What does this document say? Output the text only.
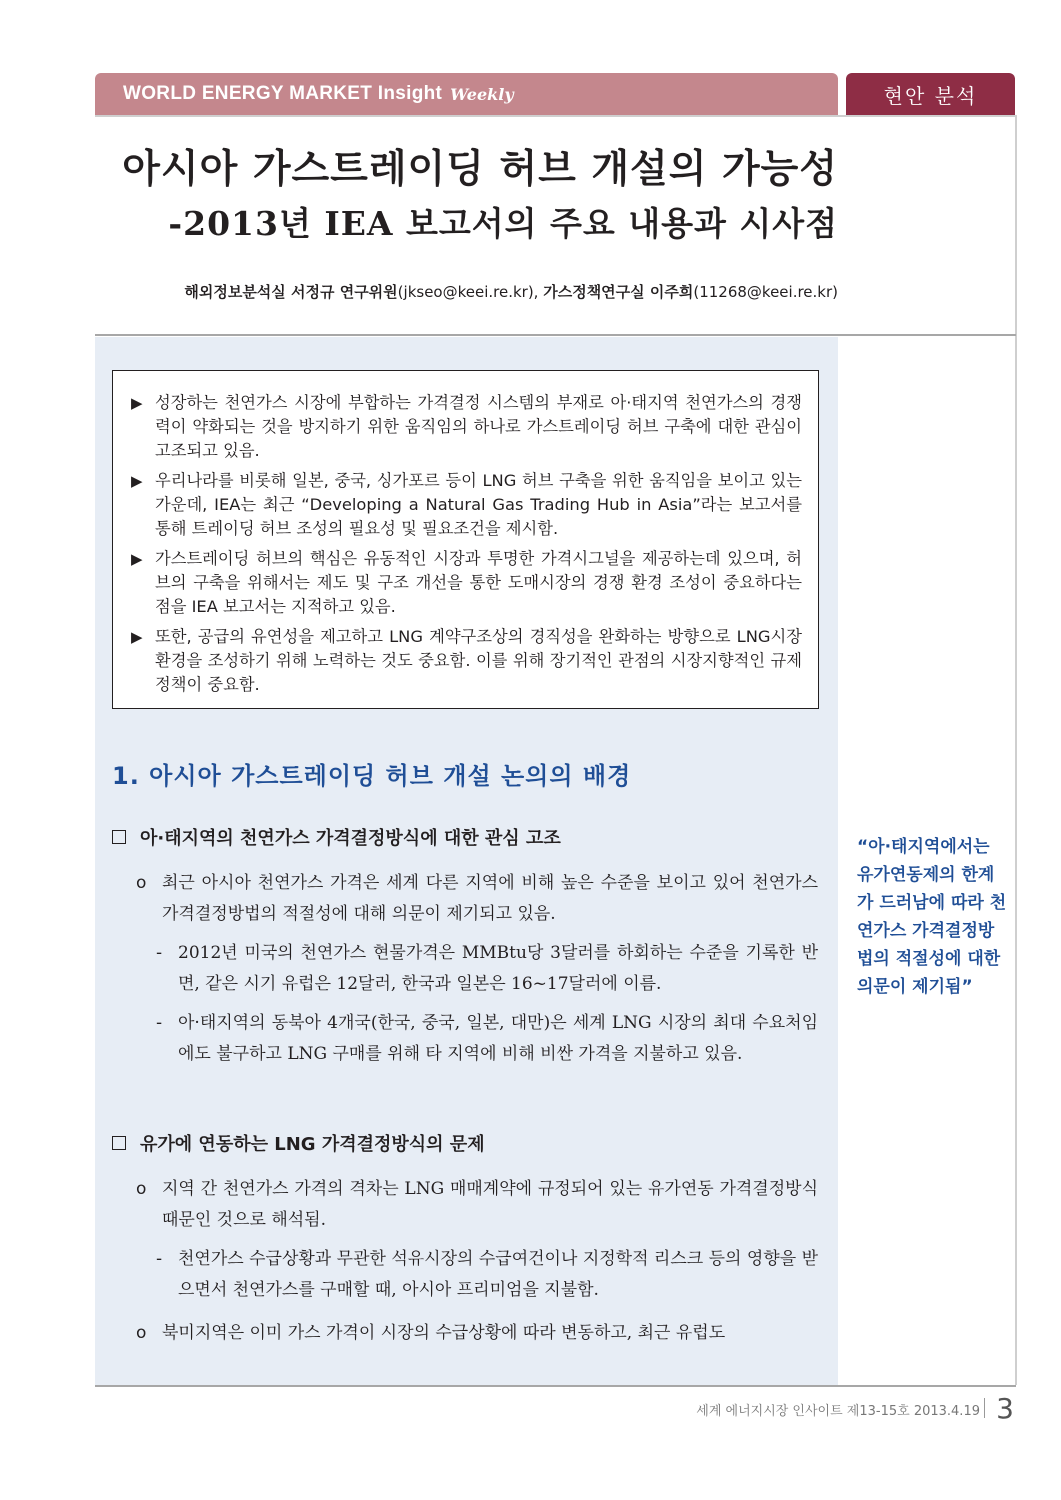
WORLD ENERGY MARKET Insight Weekly	현안 분석
아시아 가스트레이딩 허브 개설의 가능성
-2013년 IEA 보고서의 주요 내용과 시사점
해외정보분석실 서정규 연구위원(jkseo@keei.re.kr), 가스정책연구실 이주희(11268@keei.re.kr)
▶ 성장하는 천연가스 시장에 부합하는 가격결정 시스템의 부재로 아·태지역 천연가스의 경쟁력이 약화되는 것을 방지하기 위한 움직임의 하나로 가스트레이딩 허브 구축에 대한 관심이 고조되고 있음.
▶ 우리나라를 비롯해 일본, 중국, 싱가포르 등이 LNG 허브 구축을 위한 움직임을 보이고 있는 가운데, IEA는 최근 “Developing a Natural Gas Trading Hub in Asia”라는 보고서를 통해 트레이딩 허브 조성의 필요성 및 필요조건을 제시함.
▶ 가스트레이딩 허브의 핵심은 유동적인 시장과 투명한 가격시그널을 제공하는데 있으며, 허브의 구축을 위해서는 제도 및 구조 개선을 통한 도매시장의 경쟁 환경 조성이 중요하다는 점을 IEA 보고서는 지적하고 있음.
▶ 또한, 공급의 유연성을 제고하고 LNG 계약구조상의 경직성을 완화하는 방향으로 LNG시장 환경을 조성하기 위해 노력하는 것도 중요함. 이를 위해 장기적인 관점의 시장지향적인 규제정책이 중요함.
1. 아시아 가스트레이딩 허브 개설 논의의 배경
아·태지역의 천연가스 가격결정방식에 대한 관심 고조
o 최근 아시아 천연가스 가격은 세계 다른 지역에 비해 높은 수준을 보이고 있어 천연가스 가격결정방법의 적절성에 대해 의문이 제기되고 있음.
- 2012년 미국의 천연가스 현물가격은 MMBtu당 3달러를 하회하는 수준을 기록한 반면, 같은 시기 유럽은 12달러, 한국과 일본은 16~17달러에 이름.
- 아·태지역의 동북아 4개국(한국, 중국, 일본, 대만)은 세계 LNG 시장의 최대 수요처임에도 불구하고 LNG 구매를 위해 타 지역에 비해 비싼 가격을 지불하고 있음.
유가에 연동하는 LNG 가격결정방식의 문제
o 지역 간 천연가스 가격의 격차는 LNG 매매계약에 규정되어 있는 유가연동 가격결정방식 때문인 것으로 해석됨.
- 천연가스 수급상황과 무관한 석유시장의 수급여건이나 지정학적 리스크 등의 영향을 받으면서 천연가스를 구매할 때, 아시아 프리미엄을 지불함.
o 북미지역은 이미 가스 가격이 시장의 수급상황에 따라 변동하고, 최근 유럽도
“아·태지역에서는 유가연동제의 한계가 드러남에 따라 천연가스 가격결정방법의 적절성에 대한 의문이 제기됨”
세계 에너지시장 인사이트 제13-15호 2013.4.19 3
